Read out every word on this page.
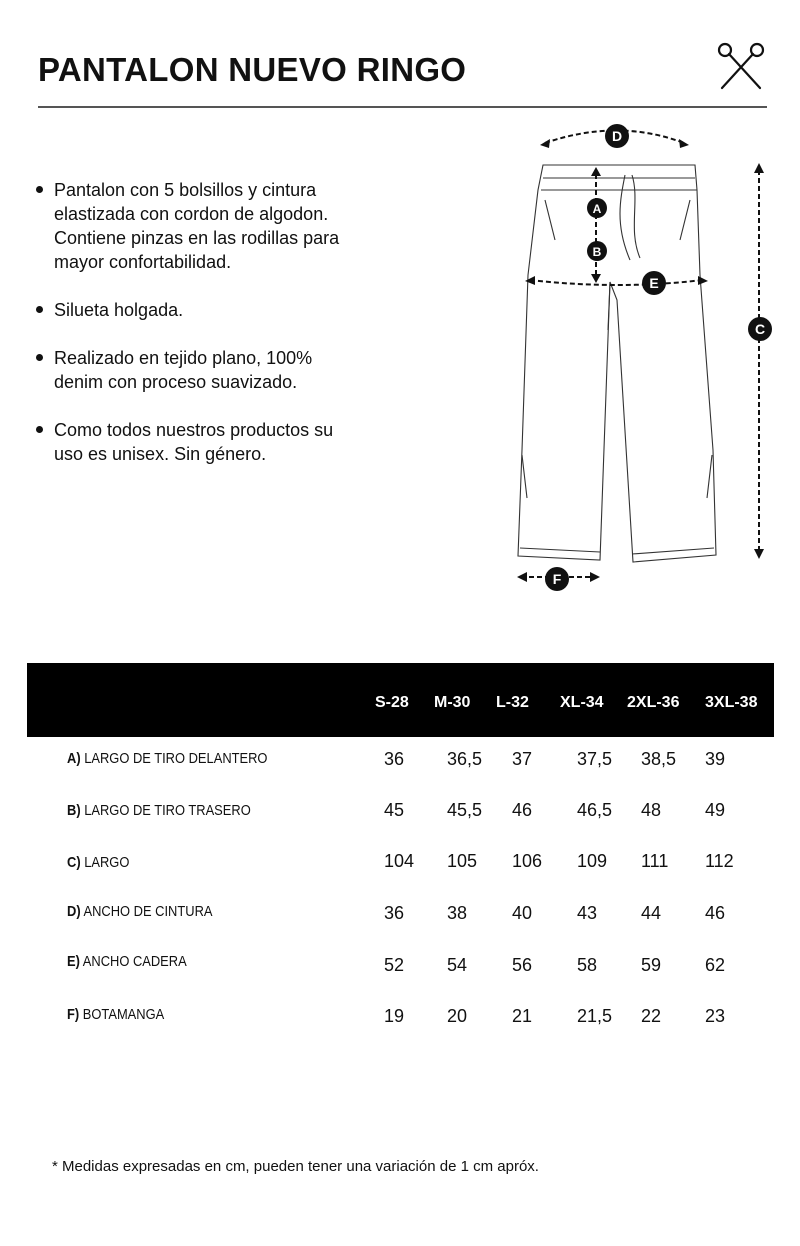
PANTALON NUEVO RINGO
Pantalon con 5 bolsillos y cintura elastizada con cordon de algodon. Contiene pinzas en las rodillas para mayor confortabilidad.
Silueta holgada.
Realizado en tejido plano, 100% denim con proceso suavizado.
Como todos nuestros productos su uso es unisex. Sin género.
D
A
B
E
C
F
S-28 M-30 L-32 XL-34 2XL-36 3XL-38
A) LARGO DE TIRO DELANTERO	36 36,5 37 37,5 38,5 39
B) LARGO DE TIRO TRASERO	45 45,5 46 46,5 48 49
C) LARGO	104 105 106 109 111 112
D) ANCHO DE CINTURA	36 38 40 43 44 46
E) ANCHO CADERA	52 54 56 58 59 62
F) BOTAMANGA	19 20 21 21,5 22 23
* Medidas expresadas en cm, pueden tener una variación de 1 cm apróx.
